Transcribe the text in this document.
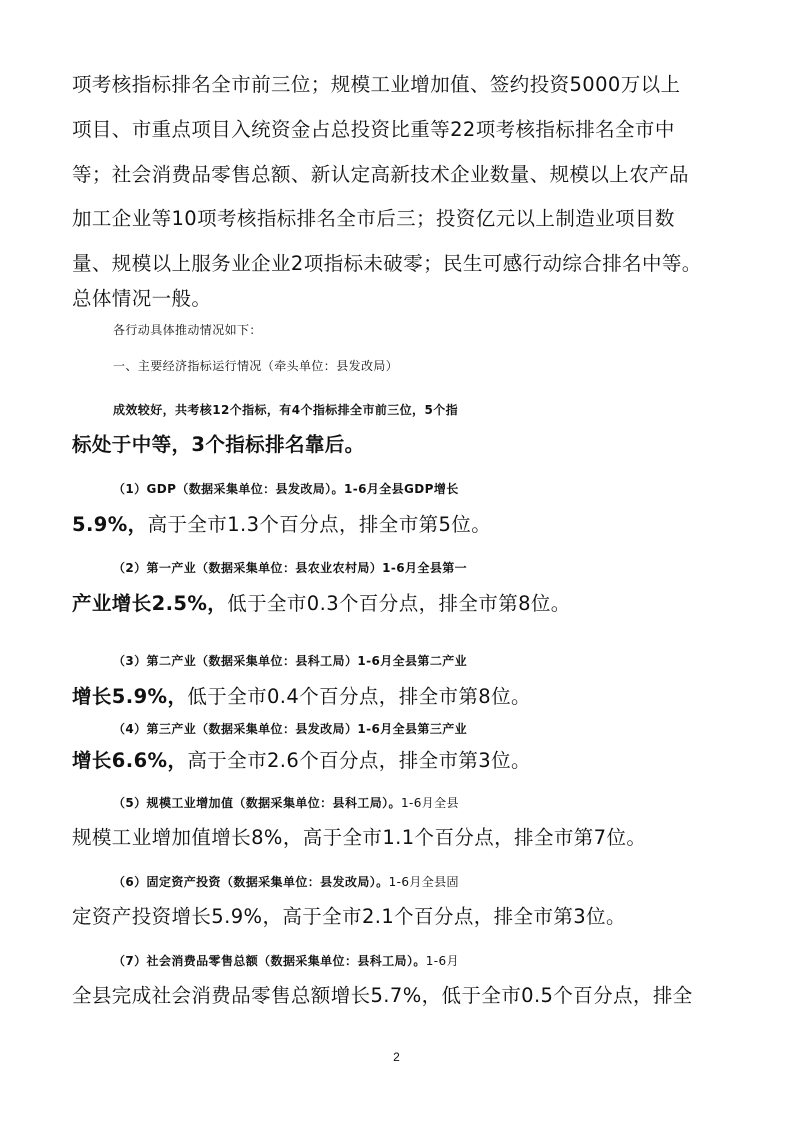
项考核指标排名全市前三位；规模工业增加值、签约投资5000万以上
项目、市重点项目入统资金占总投资比重等22项考核指标排名全市中
等；社会消费品零售总额、新认定高新技术企业数量、规模以上农产品
加工企业等10项考核指标排名全市后三；投资亿元以上制造业项目数
量、规模以上服务业企业2项指标未破零；民生可感行动综合排名中等。
总体情况一般。
各行动具体推动情况如下：
一、主要经济指标运行情况（牵头单位：县发改局）
成效较好，共考核12个指标，有4个指标排全市前三位，5个指
标处于中等，3个指标排名靠后。
（1）GDP（数据采集单位：县发改局）。1-6月全县GDP增长
5.9%，高于全市1.3个百分点，排全市第5位。
（2）第一产业（数据采集单位：县农业农村局）1-6月全县第一
产业增长2.5%，低于全市0.3个百分点，排全市第8位。
（3）第二产业（数据采集单位：县科工局）1-6月全县第二产业
增长5.9%，低于全市0.4个百分点，排全市第8位。
（4）第三产业（数据采集单位：县发改局）1-6月全县第三产业
增长6.6%，高于全市2.6个百分点，排全市第3位。
（5）规模工业增加值（数据采集单位：县科工局）。1-6月全县
规模工业增加值增长8%，高于全市1.1个百分点，排全市第7位。
（6）固定资产投资（数据采集单位：县发改局）。1-6月全县固
定资产投资增长5.9%，高于全市2.1个百分点，排全市第3位。
（7）社会消费品零售总额（数据采集单位：县科工局）。1-6月
全县完成社会消费品零售总额增长5.7%，低于全市0.5个百分点，排全
2
